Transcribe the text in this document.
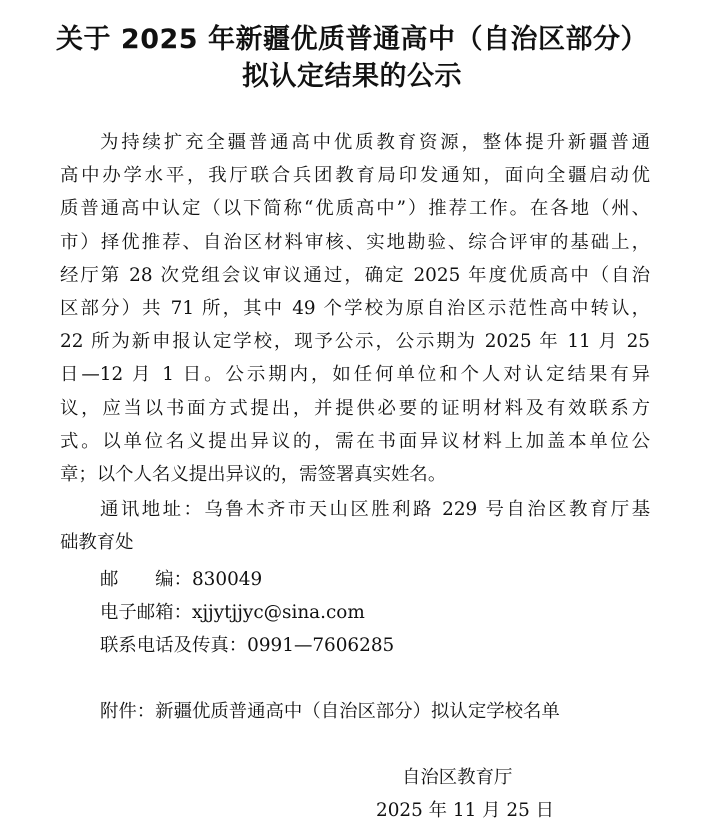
关于 2025 年新疆优质普通高中（自治区部分）
拟认定结果的公示
为持续扩充全疆普通高中优质教育资源，整体提升新疆普通
高中办学水平，我厅联合兵团教育局印发通知，面向全疆启动优
质普通高中认定（以下简称“优质高中”）推荐工作。在各地（州、
市）择优推荐、自治区材料审核、实地勘验、综合评审的基础上，
经厅第 28 次党组会议审议通过，确定 2025 年度优质高中（自治
区部分）共 71 所，其中 49 个学校为原自治区示范性高中转认，
22 所为新申报认定学校，现予公示，公示期为 2025 年 11 月 25
日—12 月 1 日。公示期内，如任何单位和个人对认定结果有异
议，应当以书面方式提出，并提供必要的证明材料及有效联系方
式。以单位名义提出异议的，需在书面异议材料上加盖本单位公
章；以个人名义提出异议的，需签署真实姓名。
通讯地址：乌鲁木齐市天山区胜利路 229 号自治区教育厅基
础教育处

邮　　编：830049

电子邮箱：xjjytjjyc@sina.com

联系电话及传真：0991—7606285

附件：新疆优质普通高中（自治区部分）拟认定学校名单

自治区教育厅

2025 年 11 月 25 日
